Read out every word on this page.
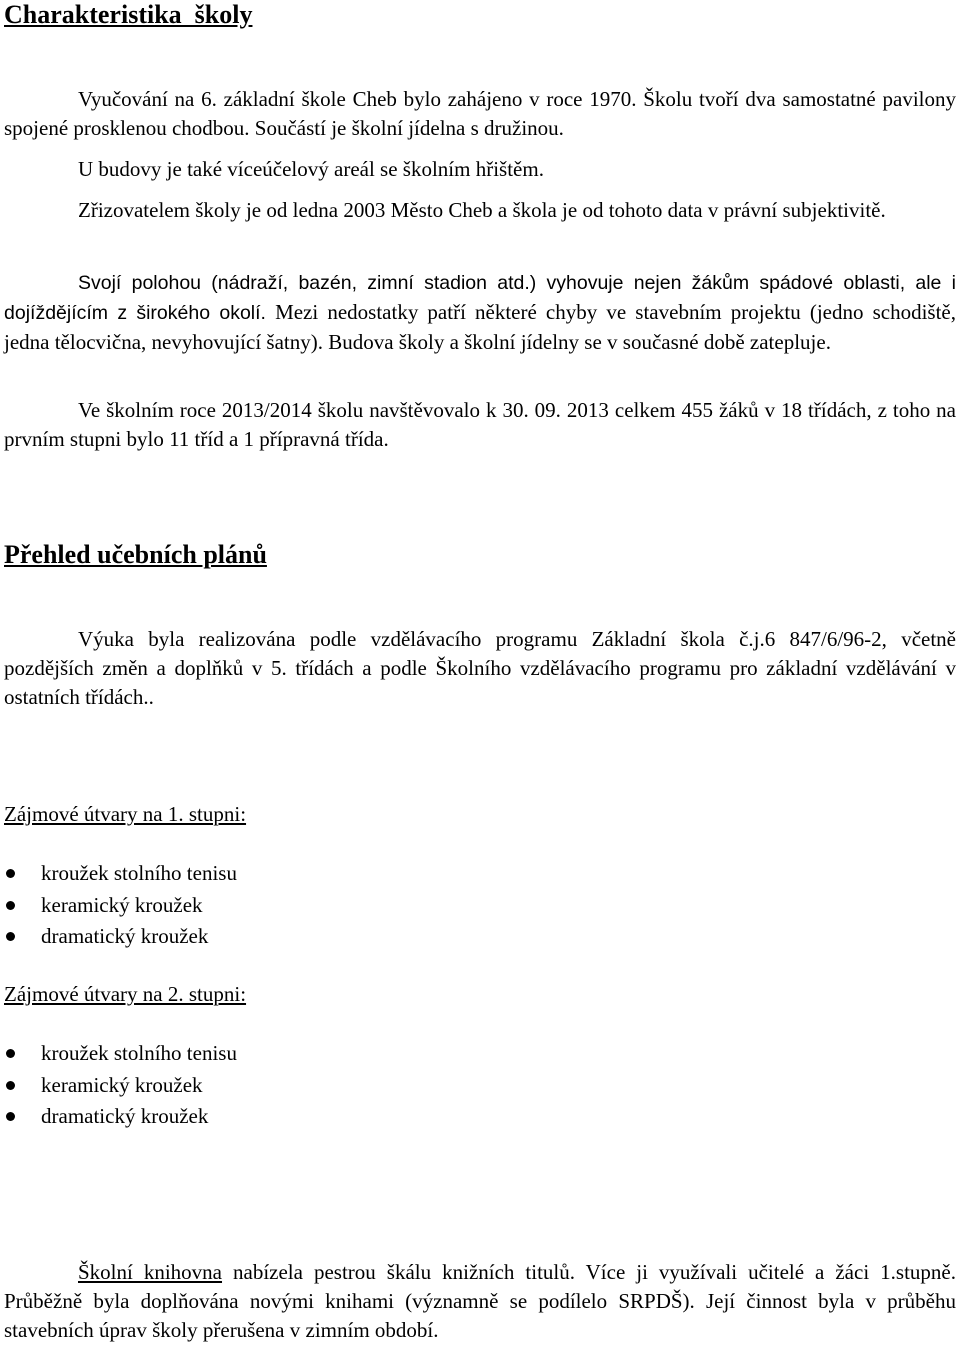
Charakteristika  školy

Vyučování na 6. základní škole Cheb bylo zahájeno v roce 1970. Školu tvoří dva samostatné pavilony spojené prosklenou chodbou. Součástí je školní jídelna s družinou.

U budovy je také víceúčelový areál se školním hřištěm.

Zřizovatelem školy je od ledna 2003 Město Cheb a škola je od tohoto data v právní subjektivitě.

Svojí polohou (nádraží, bazén, zimní stadion atd.) vyhovuje nejen žákům spádové oblasti, ale i dojíždějícím z širokého okolí. Mezi nedostatky patří některé chyby ve stavebním projektu (jedno schodiště, jedna tělocvična, nevyhovující šatny). Budova školy a školní jídelny se v současné době zatepluje.

Ve školním roce 2013/2014 školu navštěvovalo k 30. 09. 2013 celkem 455 žáků v 18 třídách, z toho na prvním stupni bylo 11 tříd a 1 přípravná třída.

Přehled učebních plánů

Výuka byla realizována podle vzdělávacího programu Základní škola č.j.6 847/6/96-2, včetně pozdějších změn a doplňků v 5. třídách a podle Školního vzdělávacího programu pro základní vzdělávání v ostatních třídách..

Zájmové útvary na 1. stupni:
kroužek stolního tenisu
keramický kroužek
dramatický kroužek
Zájmové útvary na 2. stupni:
kroužek stolního tenisu
keramický kroužek
dramatický kroužek

Školní knihovna nabízela pestrou škálu knižních titulů. Více ji využívali učitelé a žáci 1.stupně. Průběžně byla doplňována novými knihami (významně se podílelo SRPDŠ). Její činnost byla v průběhu stavebních úprav školy přerušena v zimním období.
